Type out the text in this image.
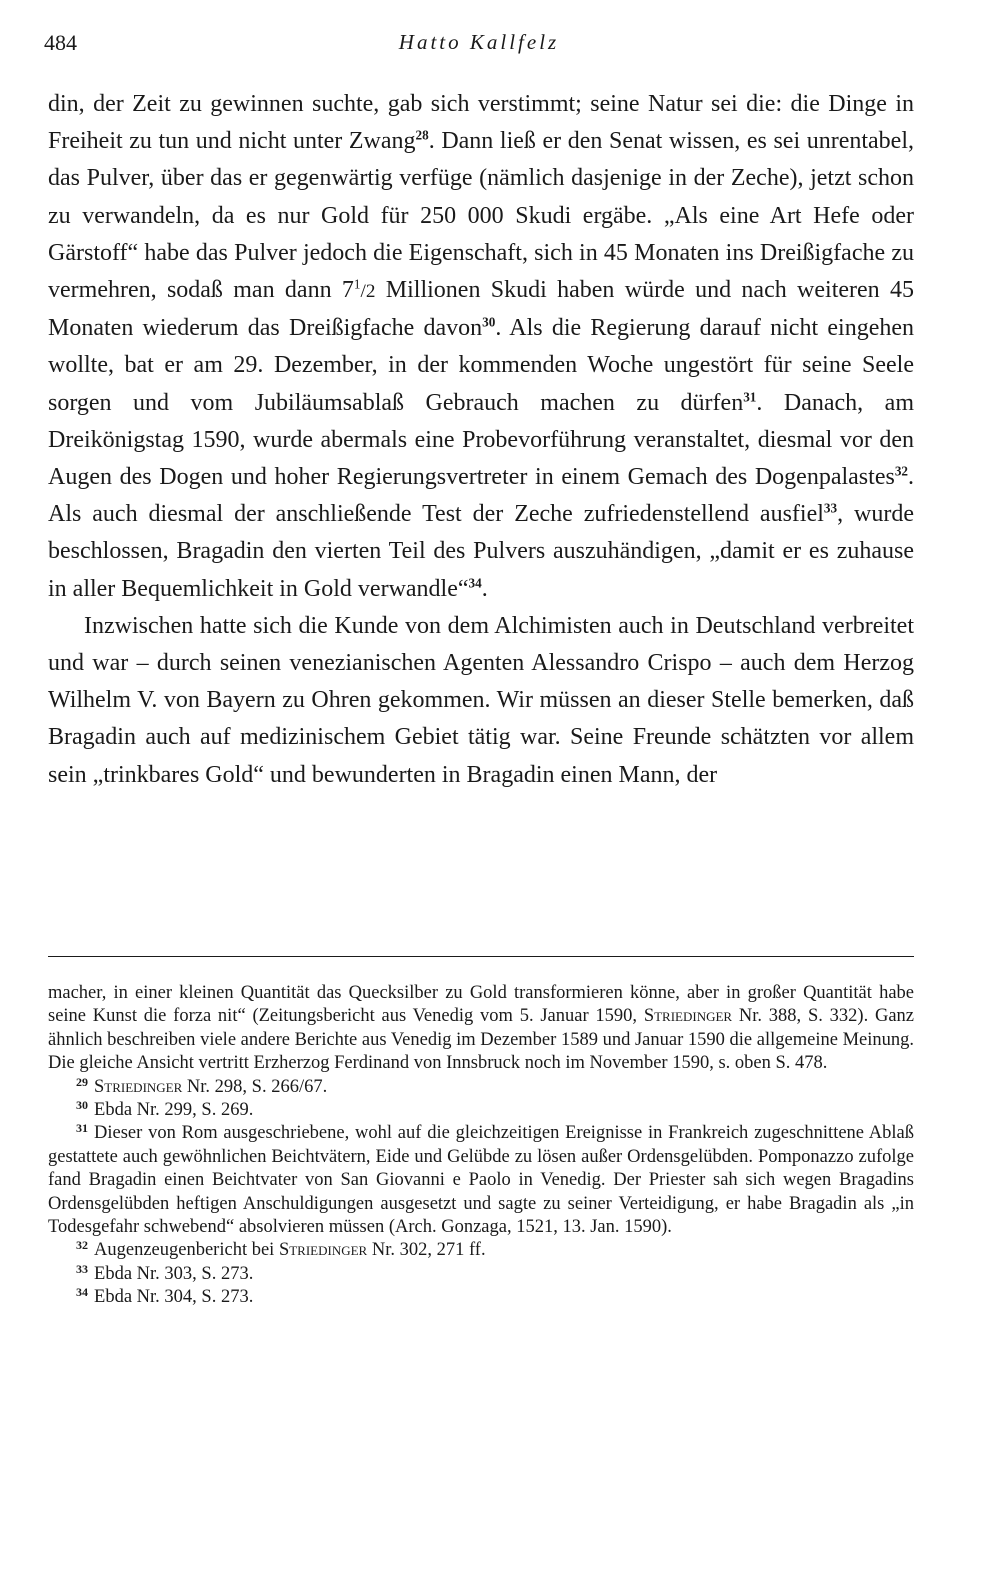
484	Hatto Kallfelz

din, der Zeit zu gewinnen suchte, gab sich verstimmt; seine Natur sei die: die Dinge in Freiheit zu tun und nicht unter Zwang$^{28}$. Dann ließ er den Senat wissen, es sei unrentabel, das Pulver, über das er gegenwärtig verfüge (nämlich dasjenige in der Zeche), jetzt schon zu verwandeln, da es nur Gold für 250 000 Skudi ergäbe. „Als eine Art Hefe oder Gärstoff“ habe das Pulver jedoch die Eigenschaft, sich in 45 Monaten ins Dreißigfache zu vermehren, sodaß man dann $7^1/2$ Millionen Skudi haben würde und nach weiteren 45 Monaten wiederum das Dreißigfache davon$^{30}$. Als die Regierung darauf nicht eingehen wollte, bat er am 29. Dezember, in der kommenden Woche ungestört für seine Seele sorgen und vom Jubiläumsablaß Gebrauch machen zu dürfen$^{31}$. Danach, am Dreikönigstag 1590, wurde abermals eine Probevorführung veranstaltet, diesmal vor den Augen des Dogen und hoher Regierungsvertreter in einem Gemach des Dogenpalastes$^{32}$. Als auch diesmal der anschließende Test der Zeche zufriedenstellend ausfiel$^{33}$, wurde beschlossen, Bragadin den vierten Teil des Pulvers auszuhändigen, „damit er es zuhause in aller Bequemlichkeit in Gold verwandle“$^{34}$.

Inzwischen hatte sich die Kunde von dem Alchimisten auch in Deutschland verbreitet und war – durch seinen venezianischen Agenten Alessandro Crispo – auch dem Herzog Wilhelm V. von Bayern zu Ohren gekommen. Wir müssen an dieser Stelle bemerken, daß Bragadin auch auf medizinischem Gebiet tätig war. Seine Freunde schätzten vor allem sein „trinkbares Gold“ und bewunderten in Bragadin einen Mann, der

macher, in einer kleinen Quantität das Quecksilber zu Gold transformieren könne, aber in großer Quantität habe seine Kunst die forza nit“ (Zeitungsbericht aus Venedig vom 5. Januar 1590, Striedinger Nr. 388, S. 332). Ganz ähnlich beschreiben viele andere Berichte aus Venedig im Dezember 1589 und Januar 1590 die allgemeine Meinung. Die gleiche Ansicht vertritt Erzherzog Ferdinand von Innsbruck noch im November 1590, s. oben S. 478.

$^{29}$ Striedinger Nr. 298, S. 266/67.

$^{30}$ Ebda Nr. 299, S. 269.

$^{31}$ Dieser von Rom ausgeschriebene, wohl auf die gleichzeitigen Ereignisse in Frankreich zugeschnittene Ablaß gestattete auch gewöhnlichen Beichtvätern, Eide und Gelübde zu lösen außer Ordensgelübden. Pomponazzo zufolge fand Bragadin einen Beichtvater von San Giovanni e Paolo in Venedig. Der Priester sah sich wegen Bragadins Ordensgelübden heftigen Anschuldigungen ausgesetzt und sagte zu seiner Verteidigung, er habe Bragadin als „in Todesgefahr schwebend“ absolvieren müssen (Arch. Gonzaga, 1521, 13. Jan. 1590).

$^{32}$ Augenzeugenbericht bei Striedinger Nr. 302, 271 ff.

$^{33}$ Ebda Nr. 303, S. 273.

$^{34}$ Ebda Nr. 304, S. 273.
